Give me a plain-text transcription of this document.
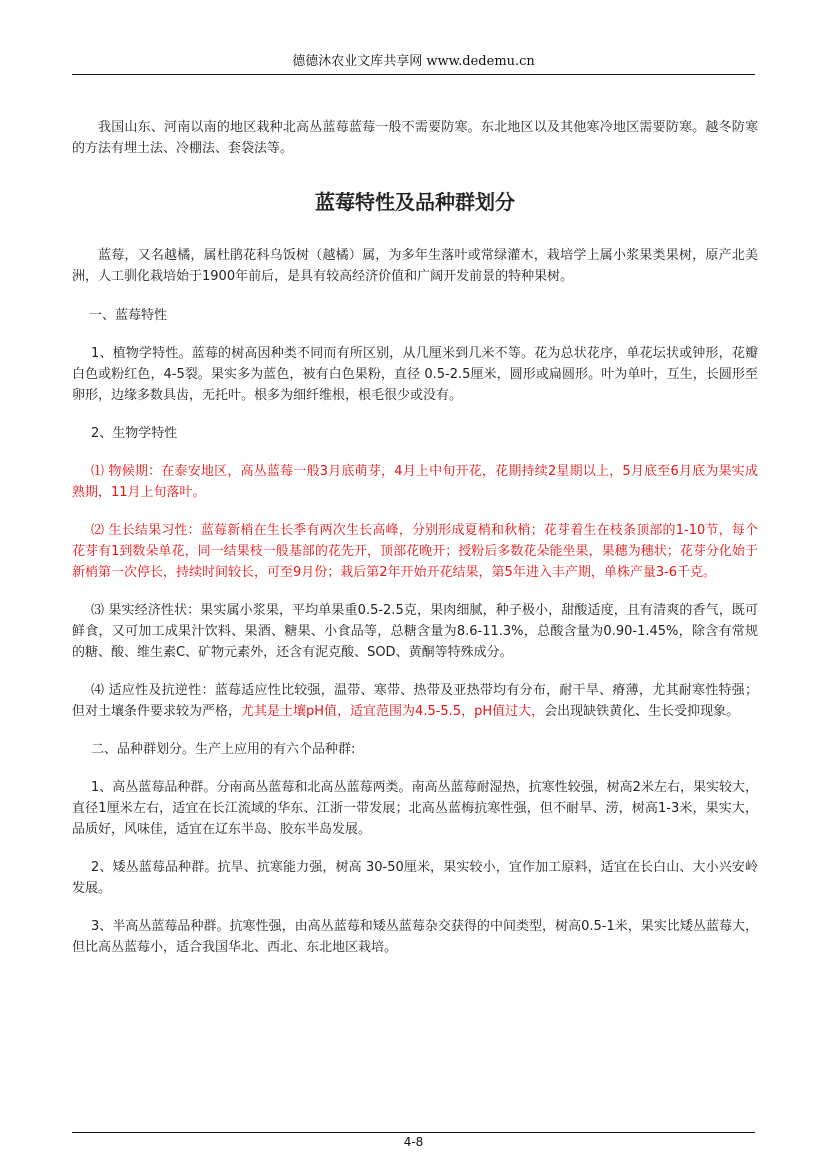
德德沐农业文库共享网 www.dedemu.cn

我国山东、河南以南的地区栽种北高丛蓝莓蓝莓一般不需要防寒。东北地区以及其他寒冷地区需要防寒。越冬防寒的方法有埋土法、冷棚法、套袋法等。

蓝莓特性及品种群划分

蓝莓，又名越橘，属杜鹃花科乌饭树（越橘）属，为多年生落叶或常绿灌木，栽培学上属小浆果类果树，原产北美洲，人工驯化栽培始于1900年前后，是具有较高经济价值和广阔开发前景的特种果树。

一、蓝莓特性

1、植物学特性。蓝莓的树高因种类不同而有所区别，从几厘米到几米不等。花为总状花序，单花坛状或钟形，花瓣白色或粉红色，4-5裂。果实多为蓝色，被有白色果粉，直径 0.5-2.5厘米，圆形或扁圆形。叶为单叶，互生，长圆形至卵形，边缘多数具齿，无托叶。根多为细纤维根，根毛很少或没有。

2、生物学特性

⑴ 物候期：在泰安地区，高丛蓝莓一般3月底萌芽，4月上中旬开花，花期持续2星期以上，5月底至6月底为果实成熟期，11月上旬落叶。

⑵ 生长结果习性：蓝莓新梢在生长季有两次生长高峰，分别形成夏梢和秋梢；花芽着生在枝条顶部的1-10节，每个花芽有1到数朵单花，同一结果枝一般基部的花先开，顶部花晚开；授粉后多数花朵能坐果，果穗为穗状；花芽分化始于新梢第一次停长，持续时间较长，可至9月份；栽后第2年开始开花结果，第5年进入丰产期，单株产量3-6千克。

⑶ 果实经济性状：果实属小浆果，平均单果重0.5-2.5克，果肉细腻，种子极小，甜酸适度，且有清爽的香气，既可鲜食，又可加工成果汁饮料、果酒、糖果、小食品等，总糖含量为8.6-11.3%，总酸含量为0.90-1.45%，除含有常规的糖、酸、维生素C、矿物元素外，还含有泥克酸、SOD、黄酮等特殊成分。

⑷ 适应性及抗逆性：蓝莓适应性比较强，温带、寒带、热带及亚热带均有分布，耐干旱、瘠薄，尤其耐寒性特强；但对土壤条件要求较为严格，尤其是土壤pH值，适宜范围为4.5-5.5，pH值过大，会出现缺铁黄化、生长受抑现象。

二、品种群划分。生产上应用的有六个品种群:

1、高丛蓝莓品种群。分南高丛蓝莓和北高丛蓝莓两类。南高丛蓝莓耐湿热，抗寒性较强，树高2米左右，果实较大，直径1厘米左右，适宜在长江流域的华东、江浙一带发展；北高丛蓝梅抗寒性强，但不耐旱、涝，树高1-3米，果实大，品质好，风味佳，适宜在辽东半岛、胶东半岛发展。

2、矮丛蓝莓品种群。抗旱、抗寒能力强，树高 30-50厘米，果实较小，宜作加工原料，适宜在长白山、大小兴安岭发展。

3、半高丛蓝莓品种群。抗寒性强，由高丛蓝莓和矮丛蓝莓杂交获得的中间类型，树高0.5-1米，果实比矮丛蓝莓大，但比高丛蓝莓小，适合我国华北、西北、东北地区栽培。

4-8
